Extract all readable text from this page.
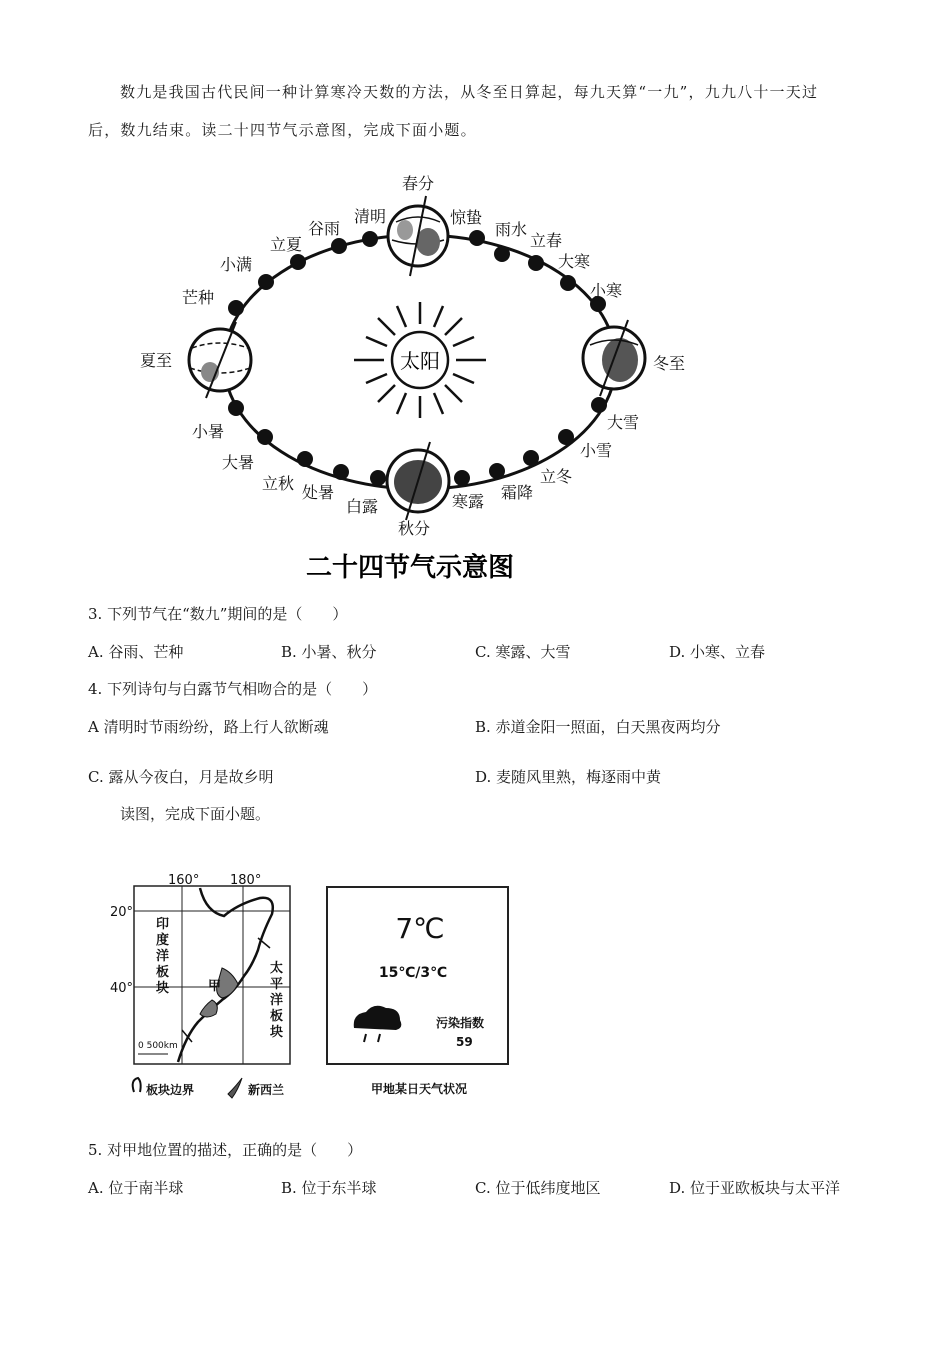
数九是我国古代民间一种计算寒冷天数的方法，从冬至日算起，每九天算“一九”，九九八十一天过
后，数九结束。读二十四节气示意图，完成下面小题。
太阳
春分
惊蛰
雨水
立春
大寒
小寒
冬至
大雪
小雪
立冬
霜降
寒露
秋分
白露
处暑
立秋
大暑
小暑
夏至
芒种
小满
立夏
谷雨
清明
二十四节气示意图
3. 下列节气在“数九”期间的是（　　）
A. 谷雨、芒种	B. 小暑、秋分	C. 寒露、大雪	D. 小寒、立春
4. 下列诗句与白露节气相吻合的是（　　）
A 清明时节雨纷纷，路上行人欲断魂	B. 赤道金阳一照面，白天黑夜两均分
C. 露从今夜白，月是故乡明	D. 麦随风里熟，梅逐雨中黄
读图，完成下面小题。
160° 180°
20°
40°
印
度
洋
板
块
太
平
洋
板
块
甲
0 500km
板块边界	新西兰
7℃
15℃/3℃
污染指数
59
甲地某日天气状况
5. 对甲地位置的描述，正确的是（　　）
A. 位于南半球	B. 位于东半球	C. 位于低纬度地区	D. 位于亚欧板块与太平洋
